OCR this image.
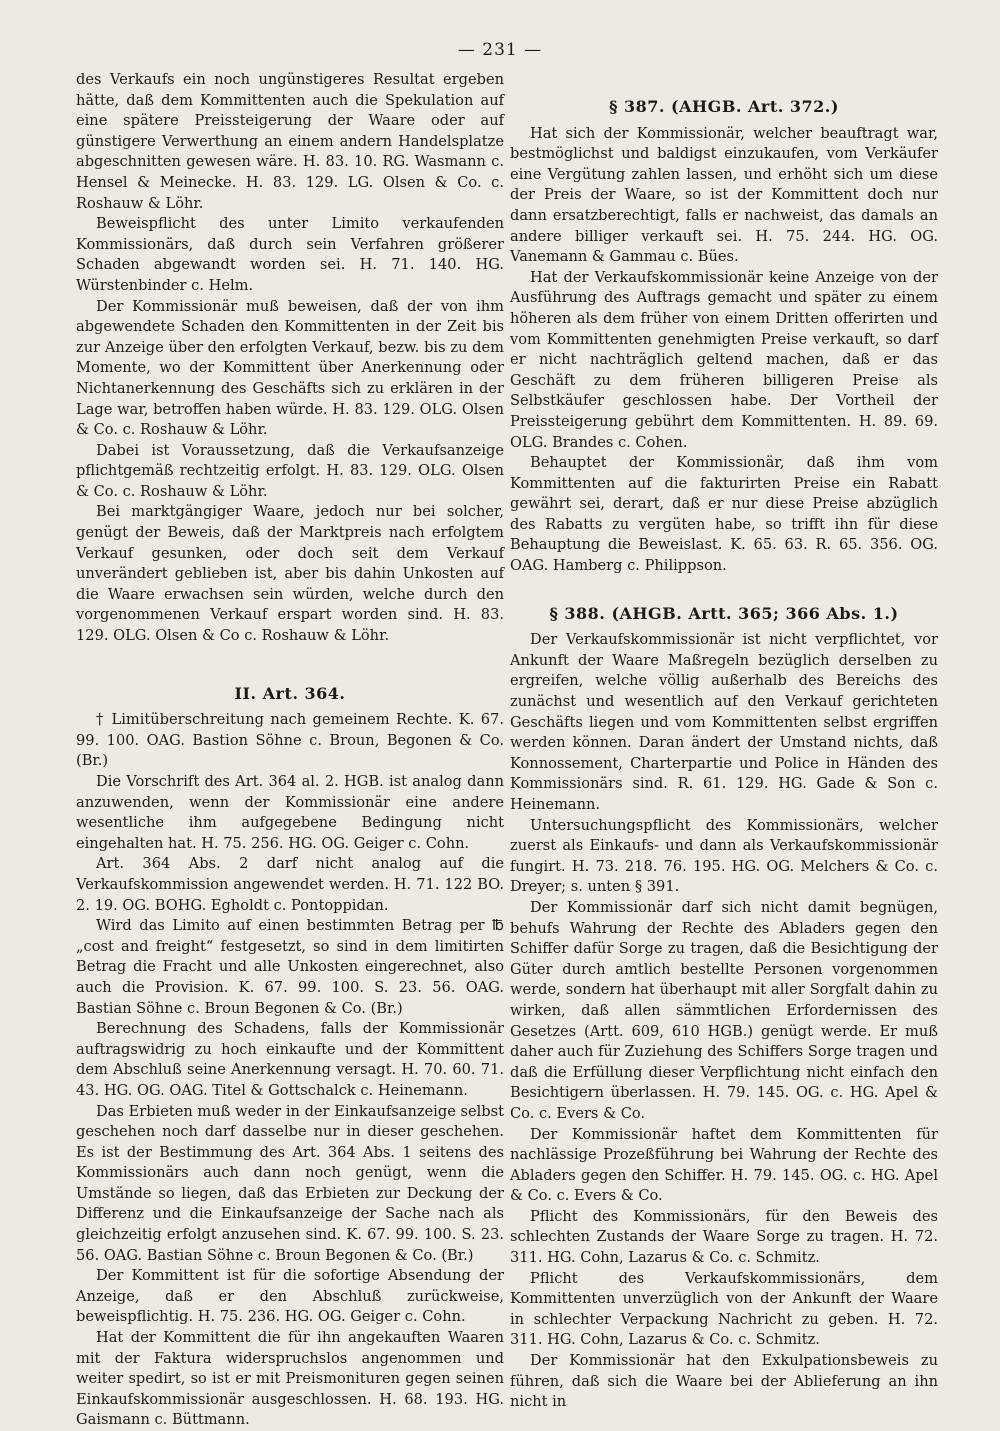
— 231 —

des Verkaufs ein noch ungünstigeres Resultat ergeben hätte, daß dem Kommittenten auch die Spekulation auf eine spätere Preissteigerung der Waare oder auf günstigere Verwerthung an einem andern Handelsplatze abgeschnitten gewesen wäre. H. 83. 10. RG. Wasmann c. Hensel & Meinecke. H. 83. 129. LG. Olsen & Co. c. Roshauw & Löhr.

Beweispflicht des unter Limito verkaufenden Kommissionärs, daß durch sein Verfahren größerer Schaden abgewandt worden sei. H. 71. 140. HG. Würstenbinder c. Helm.

Der Kommissionär muß beweisen, daß der von ihm abgewendete Schaden den Kommittenten in der Zeit bis zur Anzeige über den erfolgten Verkauf, bezw. bis zu dem Momente, wo der Kommittent über Anerkennung oder Nichtanerkennung des Geschäfts sich zu erklären in der Lage war, betroffen haben würde. H. 83. 129. OLG. Olsen & Co. c. Roshauw & Löhr.

Dabei ist Voraussetzung, daß die Verkaufsanzeige pflichtgemäß rechtzeitig erfolgt. H. 83. 129. OLG. Olsen & Co. c. Roshauw & Löhr.

Bei marktgängiger Waare, jedoch nur bei solcher, genügt der Beweis, daß der Marktpreis nach erfolgtem Verkauf gesunken, oder doch seit dem Verkauf unverändert geblieben ist, aber bis dahin Unkosten auf die Waare erwachsen sein würden, welche durch den vorgenommenen Verkauf erspart worden sind. H. 83. 129. OLG. Olsen & Co c. Roshauw & Löhr.

II. Art. 364.

† Limitüberschreitung nach gemeinem Rechte. K. 67. 99. 100. OAG. Bastion Söhne c. Broun, Begonen & Co. (Br.)

Die Vorschrift des Art. 364 al. 2. HGB. ist analog dann anzuwenden, wenn der Kommissionär eine andere wesentliche ihm aufgegebene Bedingung nicht eingehalten hat. H. 75. 256. HG. OG. Geiger c. Cohn.

Art. 364 Abs. 2 darf nicht analog auf die Verkaufskommission angewendet werden. H. 71. 122 BO. 2. 19. OG. BOHG. Egholdt c. Pontoppidan.

Wird das Limito auf einen bestimmten Betrag per ℔ „cost and freight“ festgesetzt, so sind in dem limitirten Betrag die Fracht und alle Unkosten eingerechnet, also auch die Provision. K. 67. 99. 100. S. 23. 56. OAG. Bastian Söhne c. Broun Begonen & Co. (Br.)

Berechnung des Schadens, falls der Kommissionär auftragswidrig zu hoch einkaufte und der Kommittent dem Abschluß seine Anerkennung versagt. H. 70. 60. 71. 43. HG. OG. OAG. Titel & Gottschalck c. Heinemann.

Das Erbieten muß weder in der Einkaufsanzeige selbst geschehen noch darf dasselbe nur in dieser geschehen. Es ist der Bestimmung des Art. 364 Abs. 1 seitens des Kommissionärs auch dann noch genügt, wenn die Umstände so liegen, daß das Erbieten zur Deckung der Differenz und die Einkaufsanzeige der Sache nach als gleichzeitig erfolgt anzusehen sind. K. 67. 99. 100. S. 23. 56. OAG. Bastian Söhne c. Broun Begonen & Co. (Br.)

Der Kommittent ist für die sofortige Absendung der Anzeige, daß er den Abschluß zurückweise, beweispflichtig. H. 75. 236. HG. OG. Geiger c. Cohn.

Hat der Kommittent die für ihn angekauften Waaren mit der Faktura widerspruchslos angenommen und weiter spedirt, so ist er mit Preismonituren gegen seinen Einkaufskommissionär ausgeschlossen. H. 68. 193. HG. Gaismann c. Büttmann.

§ 387. (AHGB. Art. 372.)

Hat sich der Kommissionär, welcher beauftragt war, bestmöglichst und baldigst einzukaufen, vom Verkäufer eine Vergütung zahlen lassen, und erhöht sich um diese der Preis der Waare, so ist der Kommittent doch nur dann ersatzberechtigt, falls er nachweist, das damals an andere billiger verkauft sei. H. 75. 244. HG. OG. Vanemann & Gammau c. Bües.

Hat der Verkaufskommissionär keine Anzeige von der Ausführung des Auftrags gemacht und später zu einem höheren als dem früher von einem Dritten offerirten und vom Kommittenten genehmigten Preise verkauft, so darf er nicht nachträglich geltend machen, daß er das Geschäft zu dem früheren billigeren Preise als Selbstkäufer geschlossen habe. Der Vortheil der Preissteigerung gebührt dem Kommittenten. H. 89. 69. OLG. Brandes c. Cohen.

Behauptet der Kommissionär, daß ihm vom Kommittenten auf die fakturirten Preise ein Rabatt gewährt sei, derart, daß er nur diese Preise abzüglich des Rabatts zu vergüten habe, so trifft ihn für diese Behauptung die Beweislast. K. 65. 63. R. 65. 356. OG. OAG. Hamberg c. Philippson.

§ 388. (AHGB. Artt. 365; 366 Abs. 1.)

Der Verkaufskommissionär ist nicht verpflichtet, vor Ankunft der Waare Maßregeln bezüglich derselben zu ergreifen, welche völlig außerhalb des Bereichs des zunächst und wesentlich auf den Verkauf gerichteten Geschäfts liegen und vom Kommittenten selbst ergriffen werden können. Daran ändert der Umstand nichts, daß Konnossement, Charterpartie und Police in Händen des Kommissionärs sind. R. 61. 129. HG. Gade & Son c. Heinemann.

Untersuchungspflicht des Kommissionärs, welcher zuerst als Einkaufs- und dann als Verkaufskommissionär fungirt. H. 73. 218. 76. 195. HG. OG. Melchers & Co. c. Dreyer; s. unten § 391.

Der Kommissionär darf sich nicht damit begnügen, behufs Wahrung der Rechte des Abladers gegen den Schiffer dafür Sorge zu tragen, daß die Besichtigung der Güter durch amtlich bestellte Personen vorgenommen werde, sondern hat überhaupt mit aller Sorgfalt dahin zu wirken, daß allen sämmtlichen Erfordernissen des Gesetzes (Artt. 609, 610 HGB.) genügt werde. Er muß daher auch für Zuziehung des Schiffers Sorge tragen und daß die Erfüllung dieser Verpflichtung nicht einfach den Besichtigern überlassen. H. 79. 145. OG. c. HG. Apel & Co. c. Evers & Co.

Der Kommissionär haftet dem Kommittenten für nachlässige Prozeßführung bei Wahrung der Rechte des Abladers gegen den Schiffer. H. 79. 145. OG. c. HG. Apel & Co. c. Evers & Co.

Pflicht des Kommissionärs, für den Beweis des schlechten Zustands der Waare Sorge zu tragen. H. 72. 311. HG. Cohn, Lazarus & Co. c. Schmitz.

Pflicht des Verkaufskommissionärs, dem Kommittenten unverzüglich von der Ankunft der Waare in schlechter Verpackung Nachricht zu geben. H. 72. 311. HG. Cohn, Lazarus & Co. c. Schmitz.

Der Kommissionär hat den Exkulpationsbeweis zu führen, daß sich die Waare bei der Ablieferung an ihn nicht in
